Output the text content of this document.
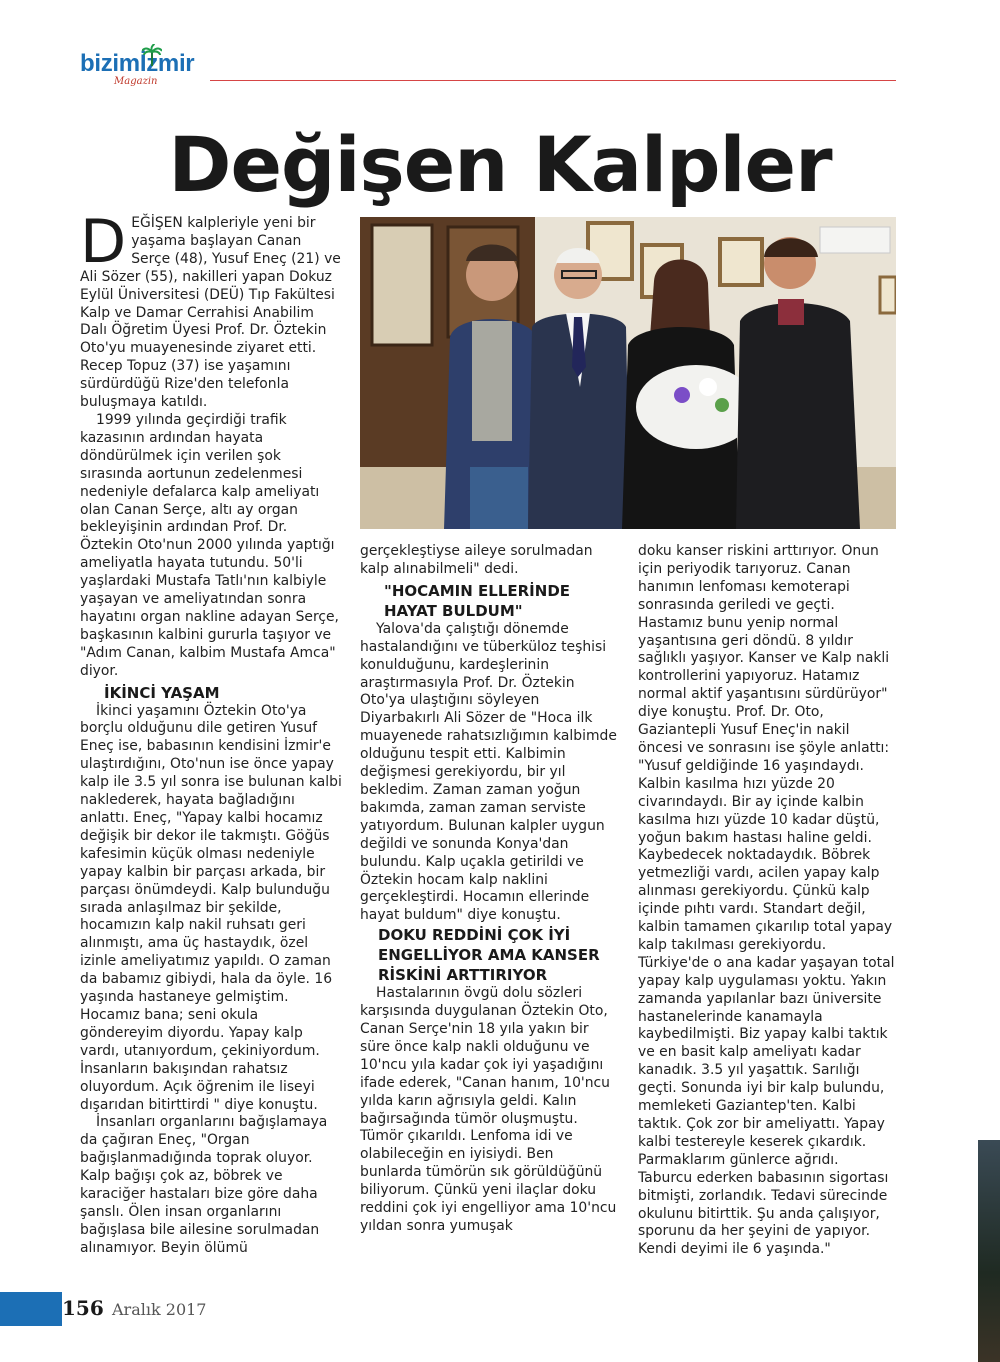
bizimİzmir
Magazin
Değişen Kalpler

DEĞİŞEN kalpleriyle yeni bir yaşama başlayan Canan Serçe (48), Yusuf Eneç (21) ve Ali Sözer (55), nakilleri yapan Dokuz Eylül Üniversitesi (DEÜ) Tıp Fakültesi Kalp ve Damar Cerrahisi Anabilim Dalı Öğretim Üyesi Prof. Dr. Öztekin Oto'yu muayenesinde ziyaret etti. Recep Topuz (37) ise yaşamını sürdürdüğü Rize'den telefonla buluşmaya katıldı.

1999 yılında geçirdiği trafik kazasının ardından hayata döndürülmek için verilen şok sırasında aortunun zedelenmesi nedeniyle defalarca kalp ameliyatı olan Canan Serçe, altı ay organ bekleyişinin ardından Prof. Dr. Öztekin Oto'nun 2000 yılında yaptığı ameliyatla hayata tutundu. 50'li yaşlardaki Mustafa Tatlı'nın kalbiyle yaşayan ve ameliyatından sonra hayatını organ nakline adayan Serçe, başkasının kalbini gururla taşıyor ve "Adım Canan, kalbim Mustafa Amca" diyor.

İKİNCİ YAŞAM

İkinci yaşamını Öztekin Oto'ya borçlu olduğunu dile getiren Yusuf Eneç ise, babasının kendisini İzmir'e ulaştırdığını, Oto'nun ise önce yapay kalp ile 3.5 yıl sonra ise bulunan kalbi naklederek, hayata bağladığını anlattı. Eneç, "Yapay kalbi hocamız değişik bir dekor ile takmıştı. Göğüs kafesimin küçük olması nedeniyle yapay kalbin bir parçası arkada, bir parçası önümdeydi. Kalp bulunduğu sırada anlaşılmaz bir şekilde, hocamızın kalp nakil ruhsatı geri alınmıştı, ama üç hastaydık, özel izinle ameliyatımız yapıldı. O zaman da babamız gibiydi, hala da öyle. 16 yaşında hastaneye gelmiştim. Hocamız bana; seni okula göndereyim diyordu. Yapay kalp vardı, utanıyordum, çekiniyordum. İnsanların bakışından rahatsız oluyordum. Açık öğrenim ile liseyi dışarıdan bitirttirdi " diye konuştu.

İnsanları organlarını bağışlamaya da çağıran Eneç, "Organ bağışlanmadığında toprak oluyor. Kalp bağışı çok az, böbrek ve karaciğer hastaları bize göre daha şanslı. Ölen insan organlarını bağışlasa bile ailesine sorulmadan alınamıyor. Beyin ölümü

gerçekleştiyse aileye sorulmadan kalp alınabilmeli" dedi.

"HOCAMIN ELLERİNDE HAYAT BULDUM"

Yalova'da çalıştığı dönemde hastalandığını ve tüberküloz teşhisi konulduğunu, kardeşlerinin araştırmasıyla Prof. Dr. Öztekin Oto'ya ulaştığını söyleyen Diyarbakırlı Ali Sözer de "Hoca ilk muayenede rahatsızlığımın kalbimde olduğunu tespit etti. Kalbimin değişmesi gerekiyordu, bir yıl bekledim. Zaman zaman yoğun bakımda, zaman zaman serviste yatıyordum. Bulunan kalpler uygun değildi ve sonunda Konya'dan bulundu. Kalp uçakla getirildi ve Öztekin hocam kalp naklini gerçekleştirdi. Hocamın ellerinde hayat buldum" diye konuştu.

DOKU REDDİNİ ÇOK İYİ ENGELLİYOR AMA KANSER RİSKİNİ ARTTIRIYOR

Hastalarının övgü dolu sözleri karşısında duygulanan Öztekin Oto, Canan Serçe'nin 18 yıla yakın bir süre önce kalp nakli olduğunu ve 10'ncu yıla kadar çok iyi yaşadığını ifade ederek, "Canan hanım, 10'ncu yılda karın ağrısıyla geldi. Kalın bağırsağında tümör oluşmuştu. Tümör çıkarıldı. Lenfoma idi ve olabileceğin en iyisiydi. Ben bunlarda tümörün sık görüldüğünü biliyorum. Çünkü yeni ilaçlar doku reddini çok iyi engelliyor ama 10'ncu yıldan sonra yumuşak

doku kanser riskini arttırıyor. Onun için periyodik tarıyoruz. Canan hanımın lenfoması kemoterapi sonrasında geriledi ve geçti. Hastamız bunu yenip normal yaşantısına geri döndü. 8 yıldır sağlıklı yaşıyor. Kanser ve Kalp nakli kontrollerini yapıyoruz. Hatamız normal aktif yaşantısını sürdürüyor" diye konuştu. Prof. Dr. Oto, Gaziantepli Yusuf Eneç'in nakil öncesi ve sonrasını ise şöyle anlattı: "Yusuf geldiğinde 16 yaşındaydı. Kalbin kasılma hızı yüzde 20 civarındaydı. Bir ay içinde kalbin kasılma hızı yüzde 10 kadar düştü, yoğun bakım hastası haline geldi. Kaybedecek noktadaydık. Böbrek yetmezliği vardı, acilen yapay kalp alınması gerekiyordu. Çünkü kalp içinde pıhtı vardı. Standart değil, kalbin tamamen çıkarılıp total yapay kalp takılması gerekiyordu. Türkiye'de o ana kadar yaşayan total yapay kalp uygulaması yoktu. Yakın zamanda yapılanlar bazı üniversite hastanelerinde kanamayla kaybedilmişti. Biz yapay kalbi taktık ve en basit kalp ameliyatı kadar kanadık. 3.5 yıl yaşattık. Sarılığı geçti. Sonunda iyi bir kalp bulundu, memleketi Gaziantep'ten. Kalbi taktık. Çok zor bir ameliyattı. Yapay kalbi testereyle keserek çıkardık. Parmaklarım günlerce ağrıdı. Taburcu ederken babasının sigortası bitmişti, zorlandık. Tedavi sürecinde okulunu bitirttik. Şu anda çalışıyor, sporunu da her şeyini de yapıyor. Kendi deyimi ile 6 yaşında."

156 Aralık 2017
